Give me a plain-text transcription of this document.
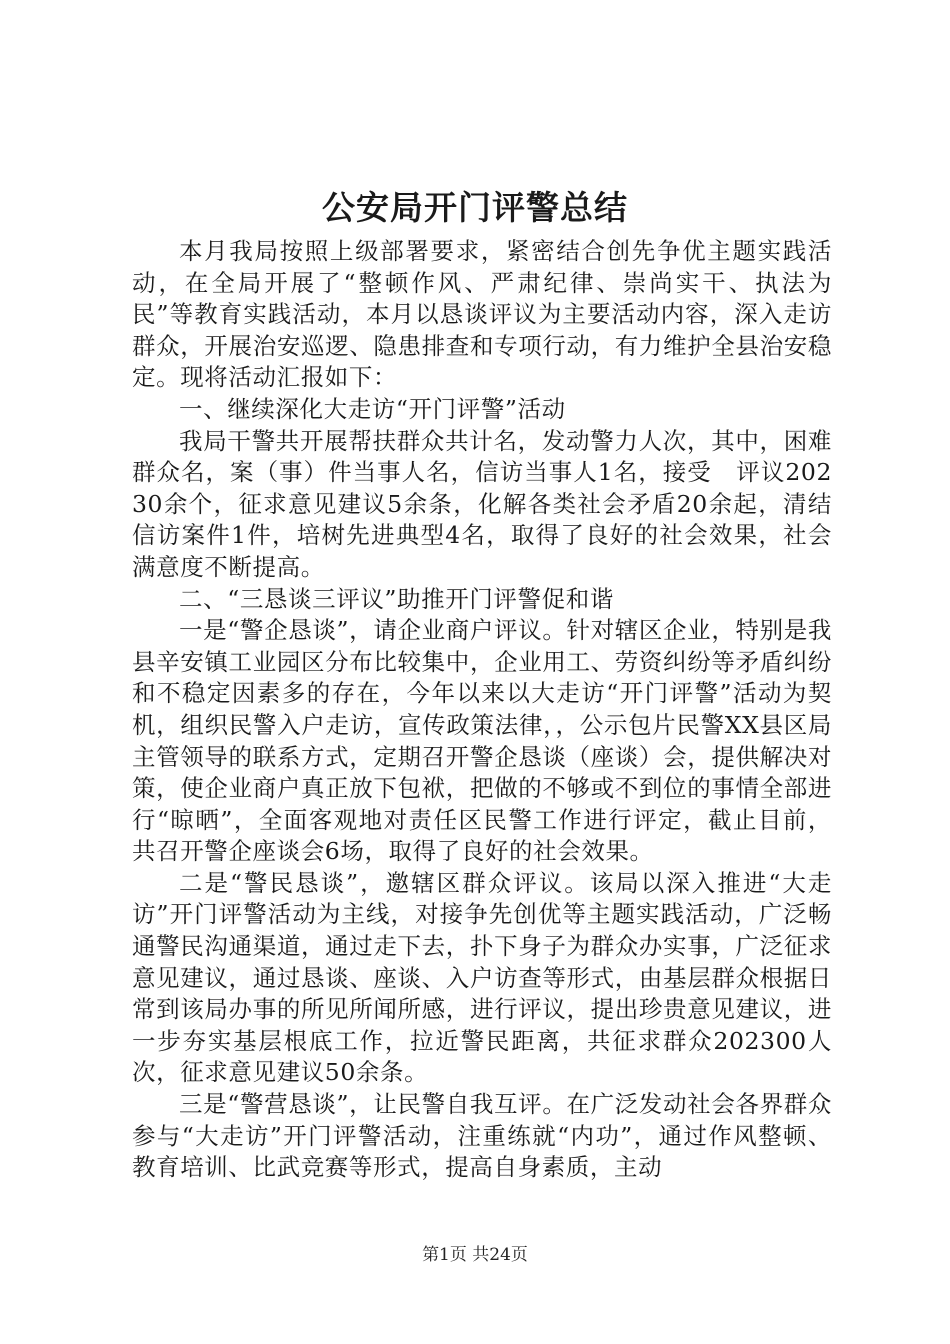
公安局开门评警总结

本月我局按照上级部署要求，紧密结合创先争优主题实践活动，在全局开展了“整顿作风、严肃纪律、崇尚实干、执法为民”等教育实践活动，本月以恳谈评议为主要活动内容，深入走访群众，开展治安巡逻、隐患排查和专项行动，有力维护全县治安稳定。现将活动汇报如下：

一、继续深化大走访“开门评警”活动

我局干警共开展帮扶群众共计名，发动警力人次，其中，困难群众名，案（事）件当事人名，信访当事人1名，接受　评议20230余个，征求意见建议5余条，化解各类社会矛盾20余起，清结信访案件1件，培树先进典型4名，取得了良好的社会效果，社会满意度不断提高。

二、“三恳谈三评议”助推开门评警促和谐

一是“警企恳谈”，请企业商户评议。针对辖区企业，特别是我县辛安镇工业园区分布比较集中，企业用工、劳资纠纷等矛盾纠纷和不稳定因素多的存在，今年以来以大走访“开门评警”活动为契机，组织民警入户走访，宣传政策法律，，公示包片民警XX县区局主管领导的联系方式，定期召开警企恳谈（座谈）会，提供解决对策，使企业商户真正放下包袱，把做的不够或不到位的事情全部进行“晾晒”，全面客观地对责任区民警工作进行评定，截止目前，共召开警企座谈会6场，取得了良好的社会效果。

二是“警民恳谈”，邀辖区群众评议。该局以深入推进“大走访”开门评警活动为主线，对接争先创优等主题实践活动，广泛畅通警民沟通渠道，通过走下去，扑下身子为群众办实事，广泛征求意见建议，通过恳谈、座谈、入户访查等形式，由基层群众根据日常到该局办事的所见所闻所感，进行评议，提出珍贵意见建议，进一步夯实基层根底工作，拉近警民距离，共征求群众202300人次，征求意见建议50余条。

三是“警营恳谈”，让民警自我互评。在广泛发动社会各界群众参与“大走访”开门评警活动，注重练就“内功”，通过作风整顿、教育培训、比武竞赛等形式，提高自身素质，主动

第1页 共24页
